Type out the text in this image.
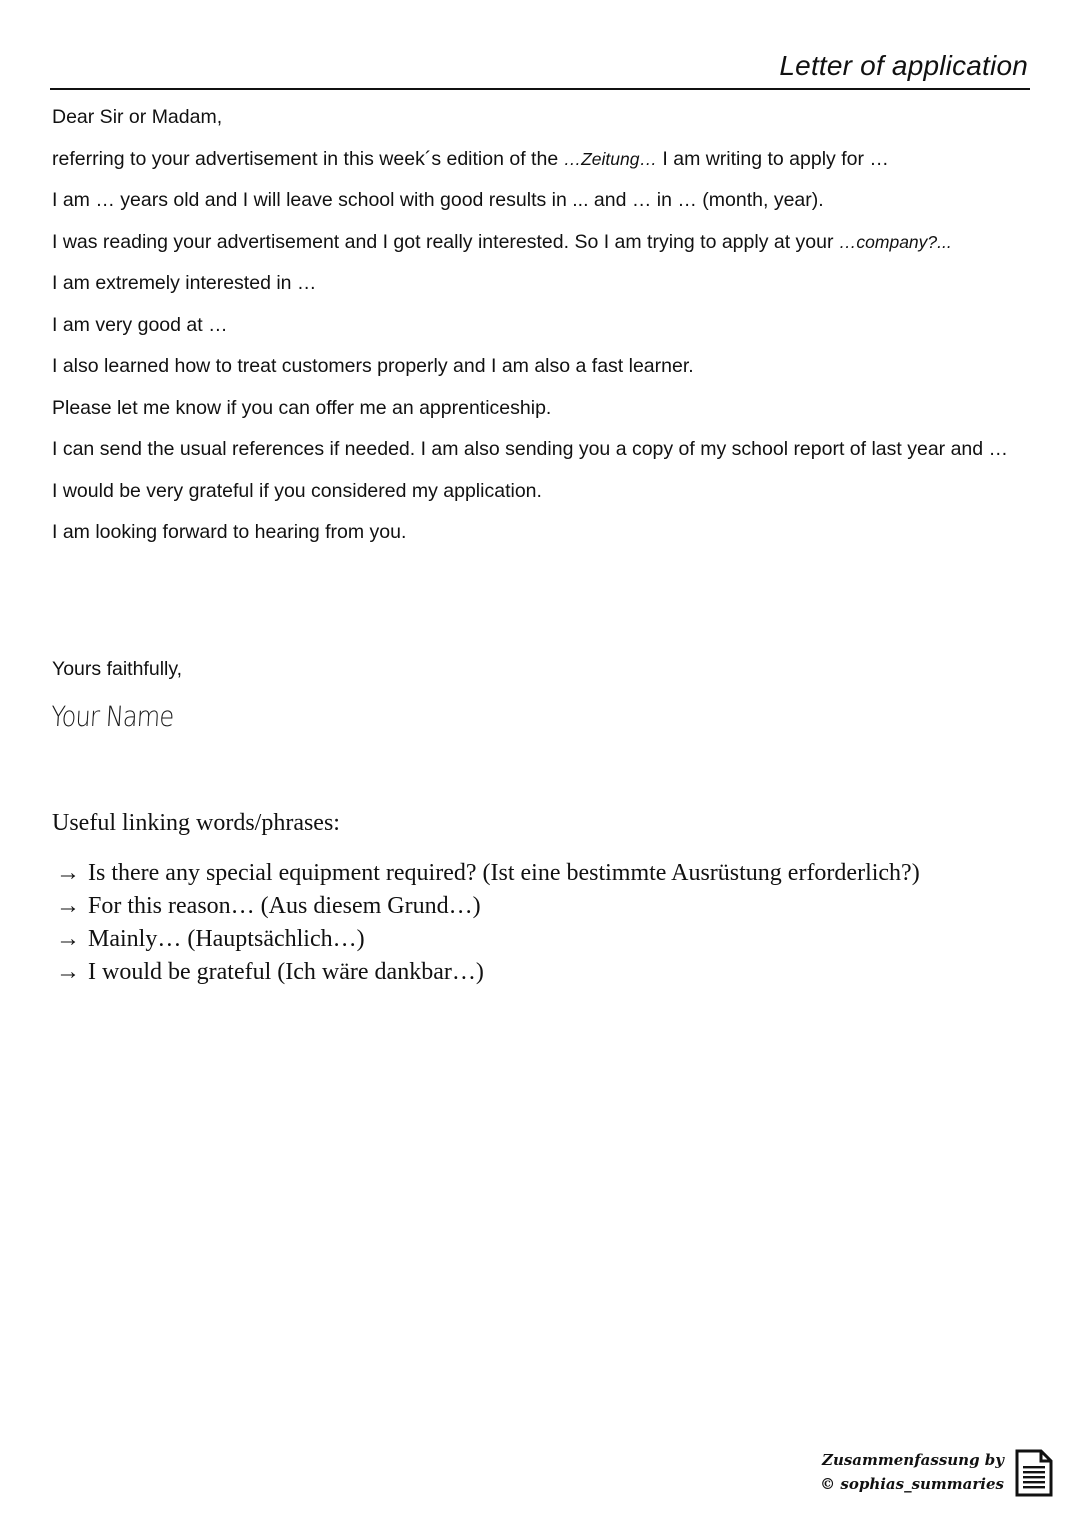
Letter of application

Dear Sir or Madam,

referring to your advertisement in this week´s edition of the …Zeitung… I am writing to apply for …

I am … years old and I will leave school with good results in ... and … in … (month, year).

I was reading your advertisement and I got really interested. So I am trying to apply at your …company?...

I am extremely interested in …

I am very good at …

I also learned how to treat customers properly and I am also a fast learner.

Please let me know if you can offer me an apprenticeship.

I can send the usual references if needed. I am also sending you a copy of my school report of last year and …

I would be very grateful if you considered my application.

I am looking forward to hearing from you.

Yours faithfully,
Your Name
Useful linking words/phrases:
→ Is there any special equipment required? (Ist eine bestimmte Ausrüstung erforderlich?)
→ For this reason… (Aus diesem Grund…)
→ Mainly… (Hauptsächlich…)
→ I would be grateful (Ich wäre dankbar…)
Zusammenfassung by
© sophias_summaries
